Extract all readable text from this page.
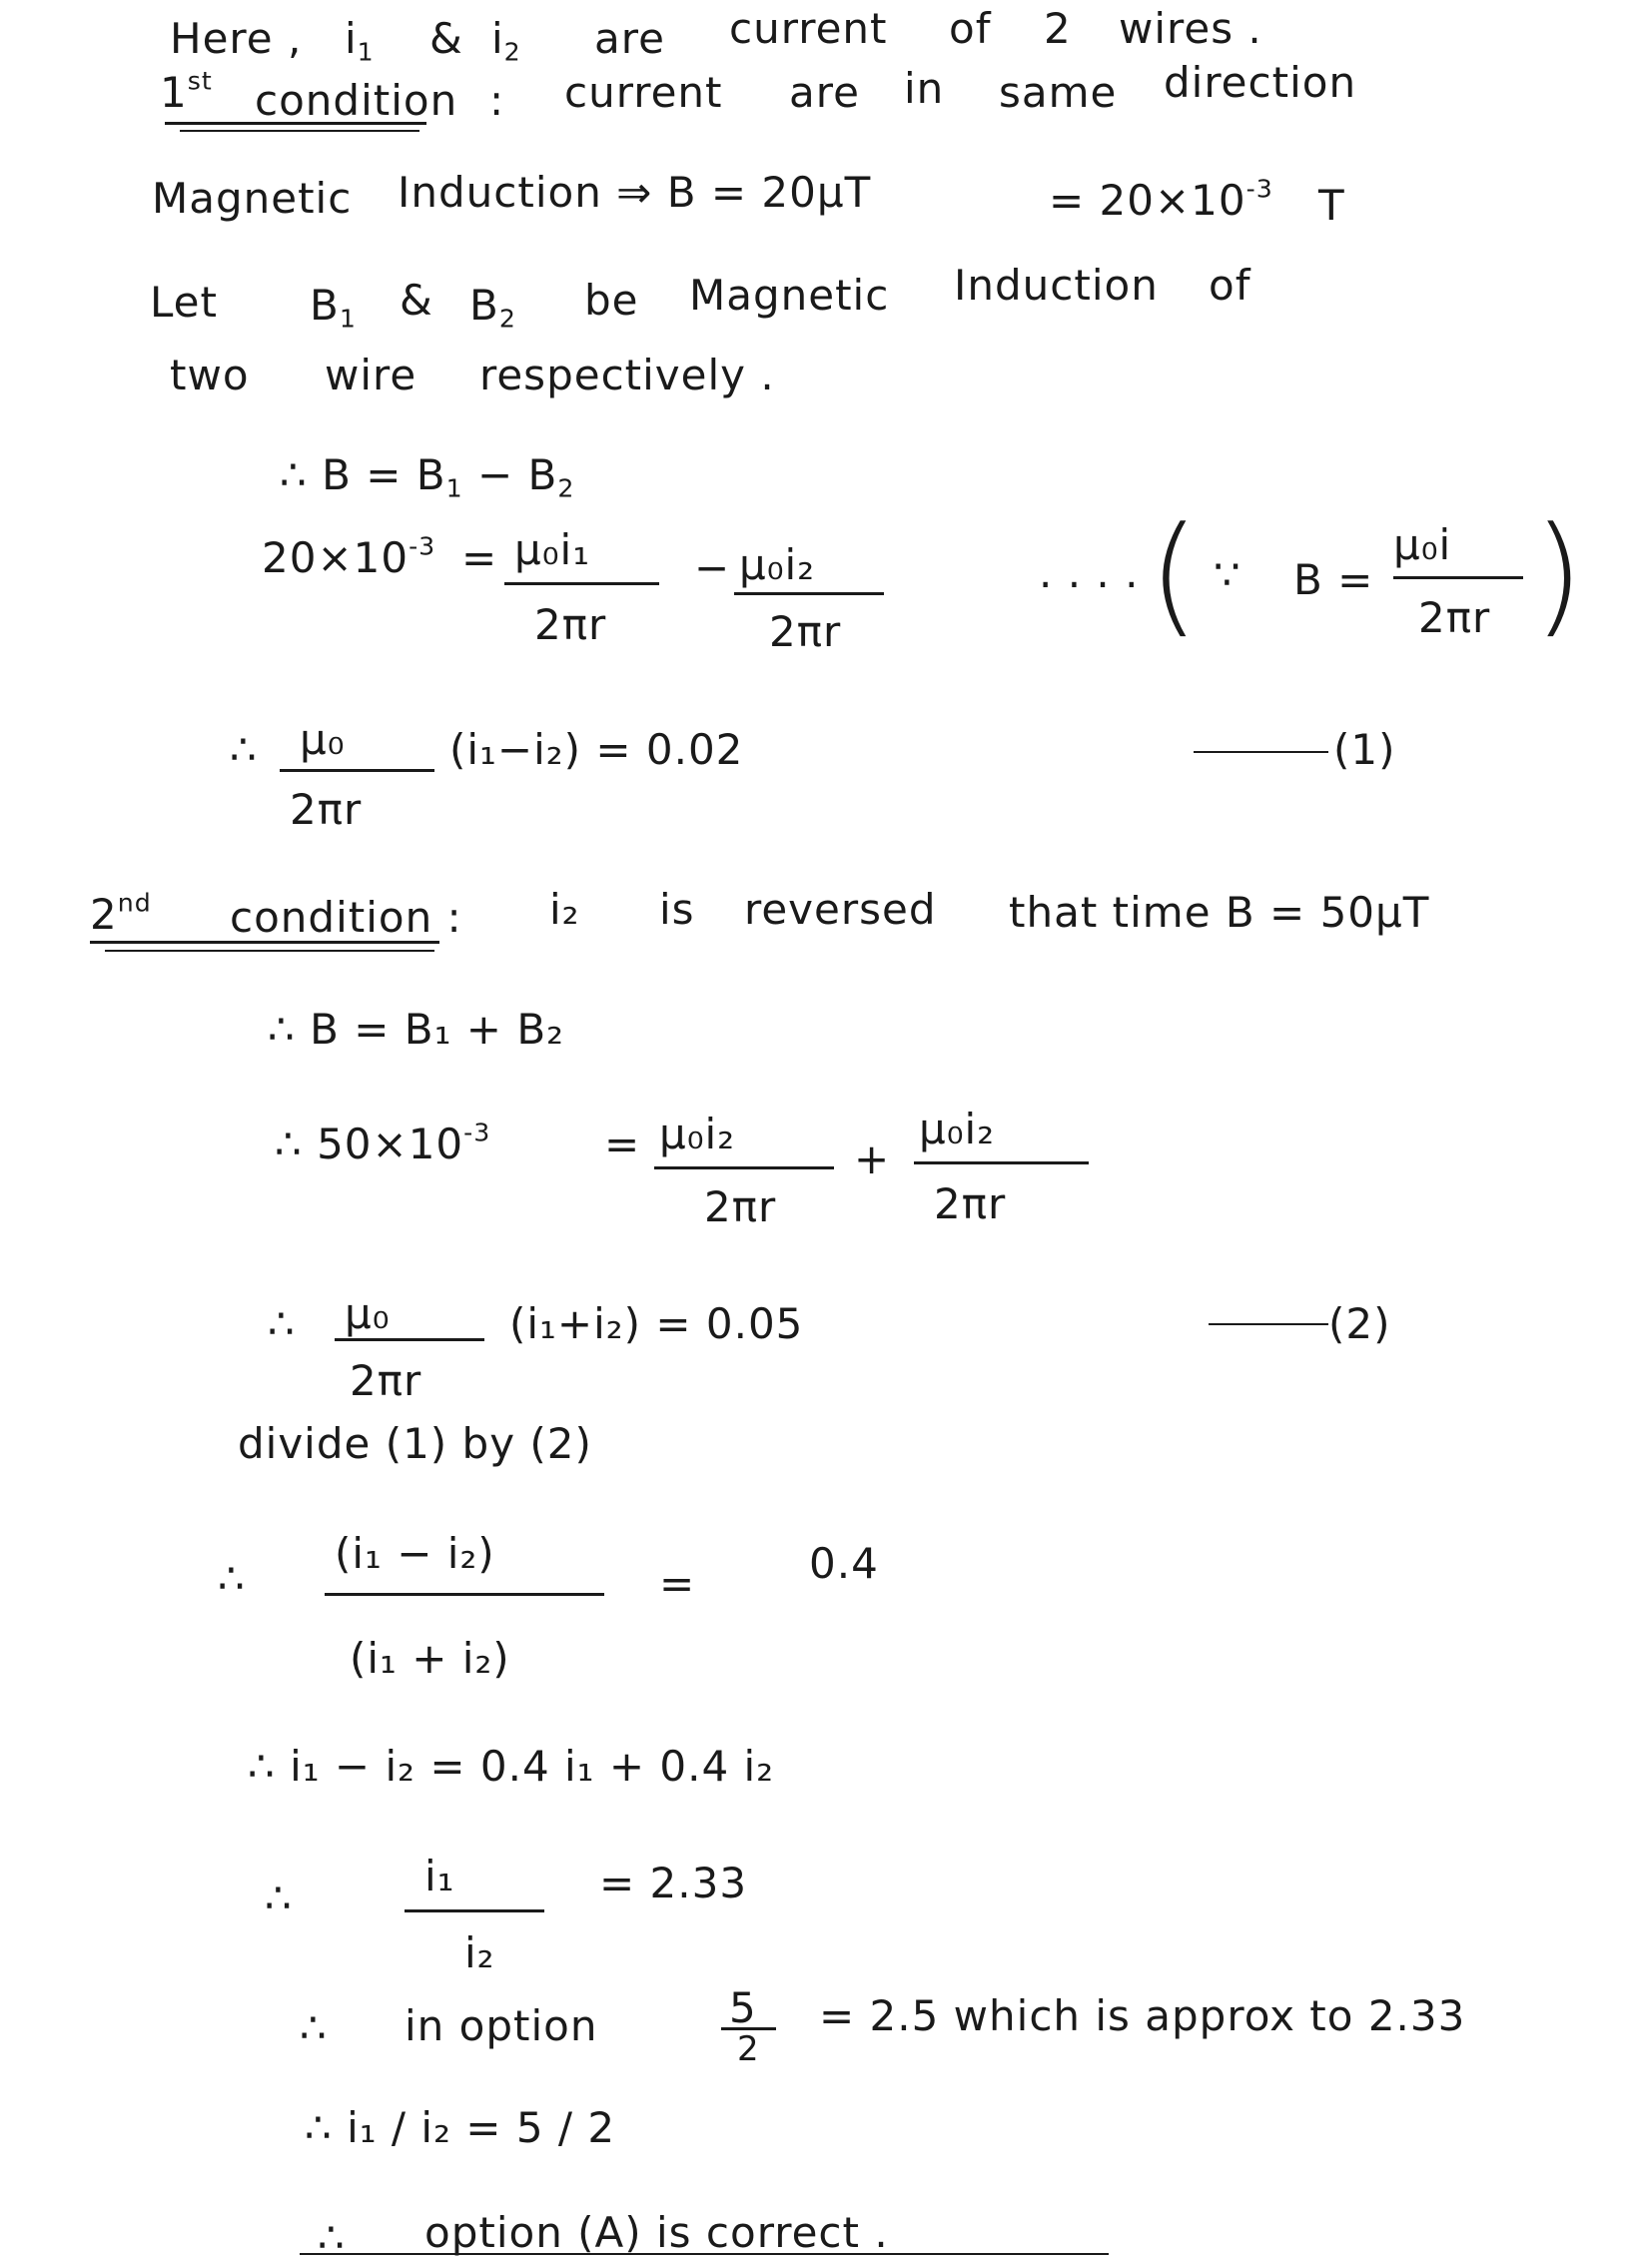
Here , $i_1$ & $i_2$ are current of 2 wires .
1st condition : current are in same direction
Magnetic Induction ⇒ B = 20μT	= $20\times 10^{-3}$ T
Let $B_1$ & $B_2$ be Magnetic Induction of
two wire respectively .
∴ $B = B_1 - B_2$
$20\times 10^{-3} = \mu_0i_1$
2πr
− μ₀i₂
2πr
· · · · ( ∵ B =
μ₀i
2πr )
∴ μ₀
2πr
(i₁−i₂) = 0.02	(1)
2nd condition : i₂ is reversed that time B = 50μT
∴ B = B₁ + B₂
∴ $50\times 10^{-3}$	= μ₀i₂
2πr
+
μ₀i₂
2πr
∴ μ₀
2πr
(i₁+i₂) = 0.05	(2)
divide (1) by (2)
∴
(i₁ − i₂)
(i₁ + i₂)
=	0.4
∴ i₁ − i₂ = 0.4 i₁ + 0.4 i₂
∴	i₁
i₂
= 2.33
∴ in option	5
2
= 2.5 which is approx to 2.33
∴ i₁ / i₂ = 5 / 2
∴ option (A) is correct .
